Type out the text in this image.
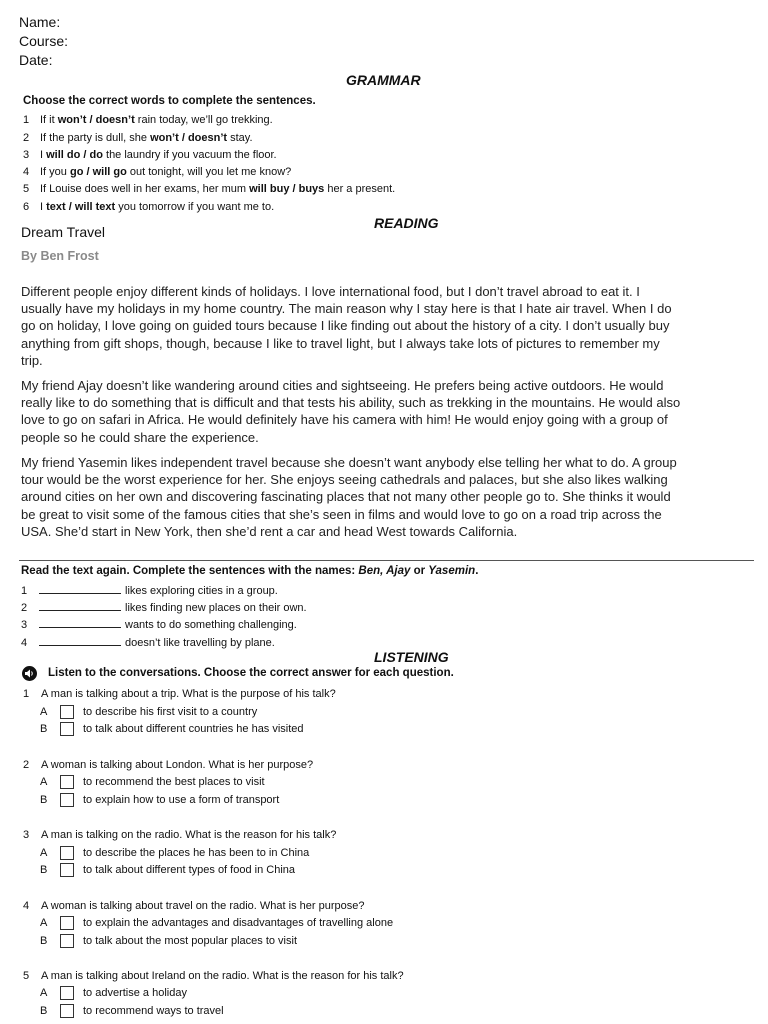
Name:
Course:
Date:
GRAMMAR
Choose the correct words to complete the sentences.
1 If it won’t / doesn’t rain today, we’ll go trekking.
2 If the party is dull, she won’t / doesn’t stay.
3 I will do / do the laundry if you vacuum the floor.
4 If you go / will go out tonight, will you let me know?
5 If Louise does well in her exams, her mum will buy / buys her a present.
6 I text / will text you tomorrow if you want me to.
READING
Dream Travel
By Ben Frost
Different people enjoy different kinds of holidays. I love international food, but I don’t travel abroad to eat it. I usually have my holidays in my home country. The main reason why I stay here is that I hate air travel. When I do go on holiday, I love going on guided tours because I like finding out about the history of a city. I don’t usually buy anything from gift shops, though, because I like to travel light, but I always take lots of pictures to remember my trip.
My friend Ajay doesn’t like wandering around cities and sightseeing. He prefers being active outdoors. He would really like to do something that is difficult and that tests his ability, such as trekking in the mountains. He would also love to go on safari in Africa. He would definitely have his camera with him! He would enjoy going with a group of people so he could share the experience.
My friend Yasemin likes independent travel because she doesn’t want anybody else telling her what to do. A group tour would be the worst experience for her. She enjoys seeing cathedrals and palaces, but she also likes walking around cities on her own and discovering fascinating places that not many other people go to. She thinks it would be great to visit some of the famous cities that she’s seen in films and would love to go on a road trip across the USA. She’d start in New York, then she’d rent a car and head West towards California.
Read the text again. Complete the sentences with the names: Ben, Ajay or Yasemin.
1	likes exploring cities in a group.
2	likes finding new places on their own.
3	wants to do something challenging.
4	doesn’t like travelling by plane.
LISTENING
Listen to the conversations. Choose the correct answer for each question.
1 A man is talking about a trip. What is the purpose of his talk?
A	to describe his first visit to a country
B	to talk about different countries he has visited
2 A woman is talking about London. What is her purpose?
A	to recommend the best places to visit
B	to explain how to use a form of transport
3 A man is talking on the radio. What is the reason for his talk?
A	to describe the places he has been to in China
B	to talk about different types of food in China
4 A woman is talking about travel on the radio. What is her purpose?
A	to explain the advantages and disadvantages of travelling alone
B	to talk about the most popular places to visit
5 A man is talking about Ireland on the radio. What is the reason for his talk?
A	to advertise a holiday
B	to recommend ways to travel
